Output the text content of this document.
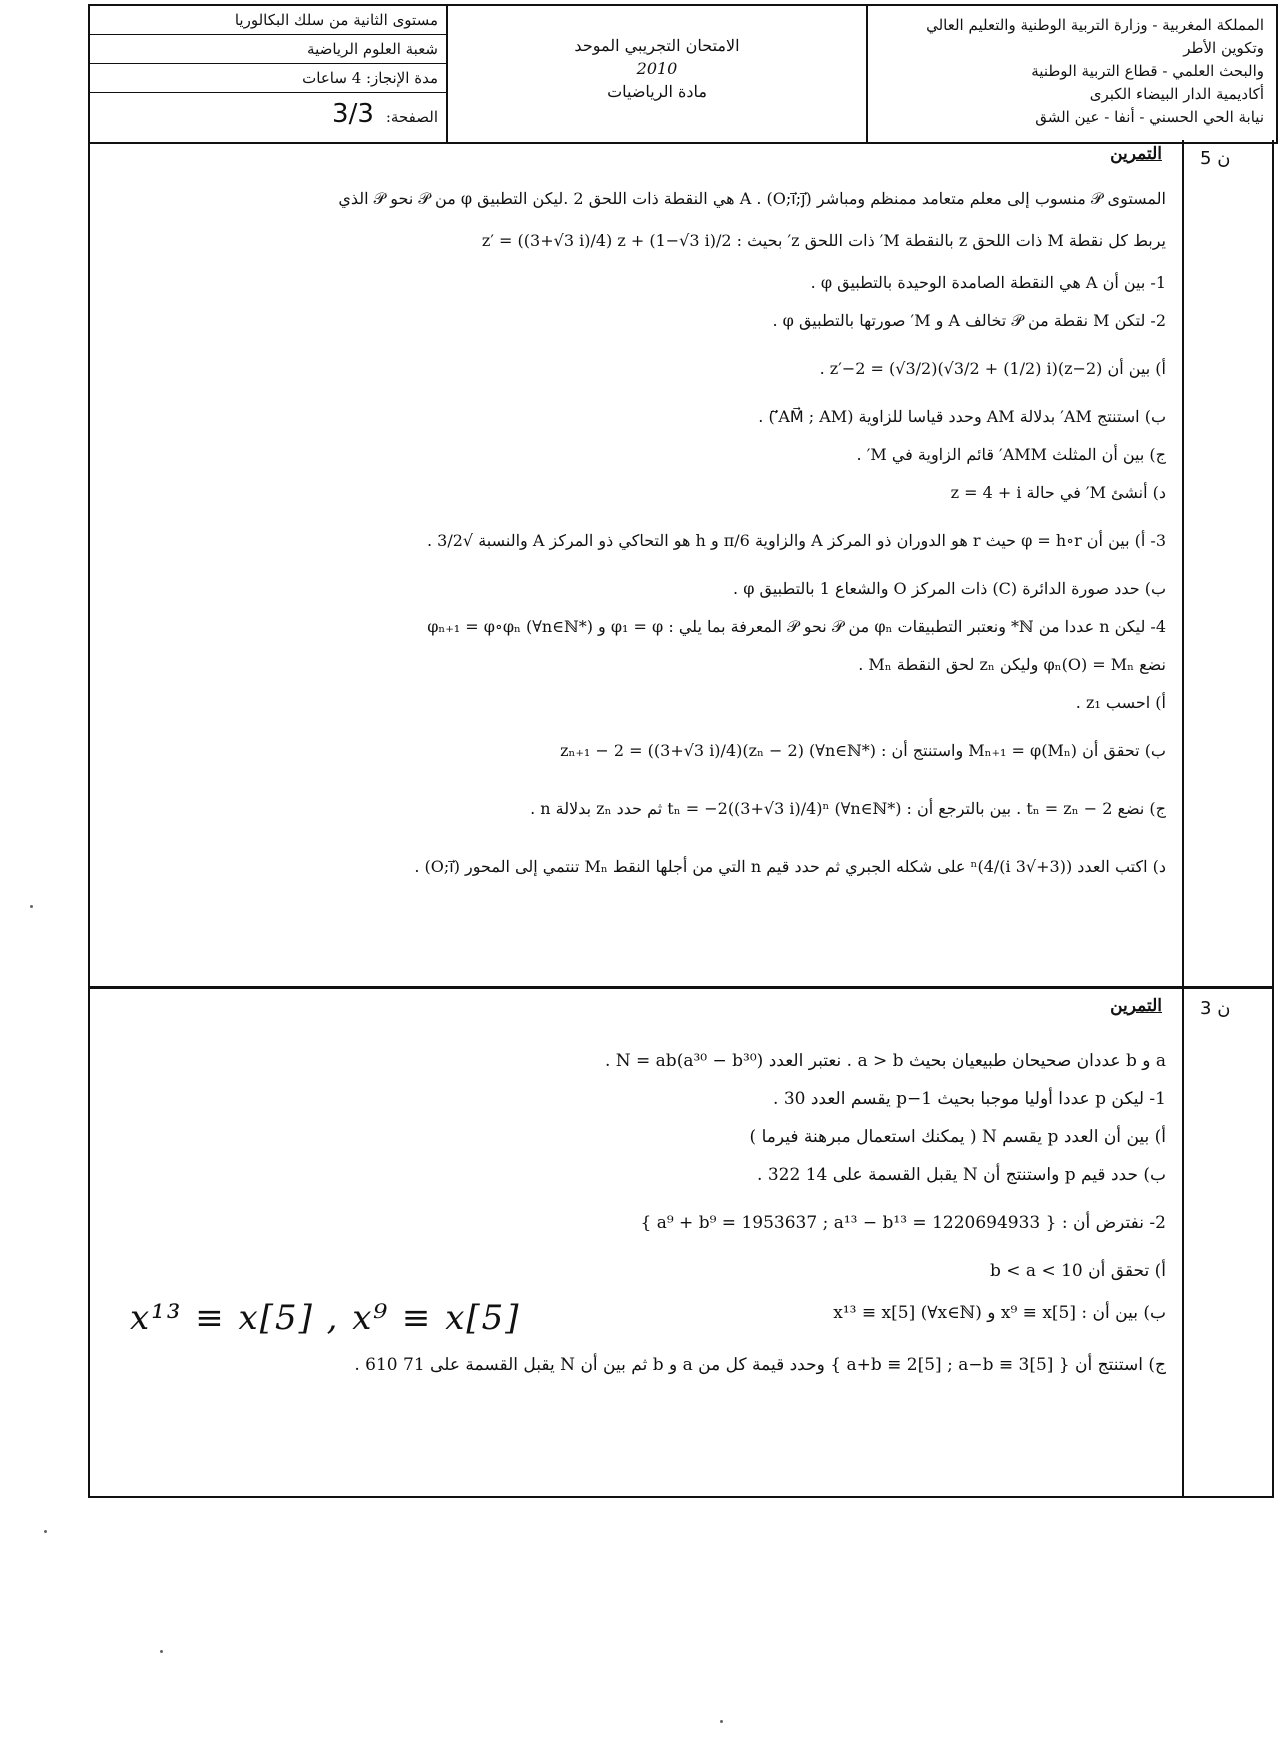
المملكة المغربية - وزارة التربية الوطنية والتعليم العالي وتكوين الأطر
والبحث العلمي - قطاع التربية الوطنية
أكاديمية الدار البيضاء الكبرى
نيابة الحي الحسني - أنفا - عين الشق
الامتحان التجريبي الموحد
2010
مادة الرياضيات
مستوى الثانية من سلك البكالوريا
شعبة العلوم الرياضية
مدة الإنجاز: 4 ساعات
الصفحة:3/3
5 ن
التمرين
المستوى 𝒫 منسوب إلى معلم متعامد ممنظم ومباشر (O;i⃗;j⃗) . A هي النقطة ذات اللحق 2 .ليكن التطبيق φ من 𝒫 نحو 𝒫 الذي
يربط كل نقطة M ذات اللحق z بالنقطة M′ ذات اللحق z′ بحيث : z′ = ((3+√3 i)/4) z + (1−√3 i)/2
1- بين أن A هي النقطة الصامدة الوحيدة بالتطبيق φ .
2- لتكن M نقطة من 𝒫 تخالف A و M′ صورتها بالتطبيق φ .
أ) بين أن z′−2 = (√3/2)(√3/2 + (1/2) i)(z−2) .
ب) استنتج AM′ بدلالة AM وحدد قياسا للزاوية (AM⃗ ; AM′⃗) .
ج) بين أن المثلث AMM′ قائم الزاوية في M′ .
د) أنشئ M′ في حالة z = 4 + i
3- أ) بين أن φ = h∘r حيث r هو الدوران ذو المركز A والزاوية π/6 و h هو التحاكي ذو المركز A والنسبة √3/2 .
ب) حدد صورة الدائرة (C) ذات المركز O والشعاع 1 بالتطبيق φ .
4- ليكن n عددا من ℕ* ونعتبر التطبيقات φₙ من 𝒫 نحو 𝒫 المعرفة بما يلي : φ₁ = φ و φₙ₊₁ = φ∘φₙ (∀n∈ℕ*)
نضع φₙ(O) = Mₙ وليكن zₙ لحق النقطة Mₙ .
أ) احسب z₁ .
ب) تحقق أن Mₙ₊₁ = φ(Mₙ) واستنتج أن : zₙ₊₁ − 2 = ((3+√3 i)/4)(zₙ − 2) (∀n∈ℕ*)
ج) نضع tₙ = zₙ − 2 . بين بالترجع أن : tₙ = −2((3+√3 i)/4)ⁿ (∀n∈ℕ*) ثم حدد zₙ بدلالة n .
د) اكتب العدد ((3+√3 i)/4)ⁿ على شكله الجبري ثم حدد قيم n التي من أجلها النقط Mₙ تنتمي إلى المحور (O;i⃗) .
3 ن
التمرين
a و b عددان صحيحان طبيعيان بحيث a > b . نعتبر العدد N = ab(a³⁰ − b³⁰) .
1- ليكن p عددا أوليا موجبا بحيث p−1 يقسم العدد 30 .
أ) بين أن العدد p يقسم N ( يمكنك استعمال مبرهنة فيرما )
ب) حدد قيم p واستنتج أن N يقبل القسمة على 14 322 .
2- نفترض أن : { a⁹ + b⁹ = 1953637 ; a¹³ − b¹³ = 1220694933 }
أ) تحقق أن b < a < 10
ب) بين أن : x⁹ ≡ x[5] و x¹³ ≡ x[5] (∀x∈ℕ)
ج) استنتج أن { a+b ≡ 2[5] ; a−b ≡ 3[5] } وحدد قيمة كل من a و b ثم بين أن N يقبل القسمة على 71 610 .
x¹³ ≡ x[5] , x⁹ ≡ x[5]
